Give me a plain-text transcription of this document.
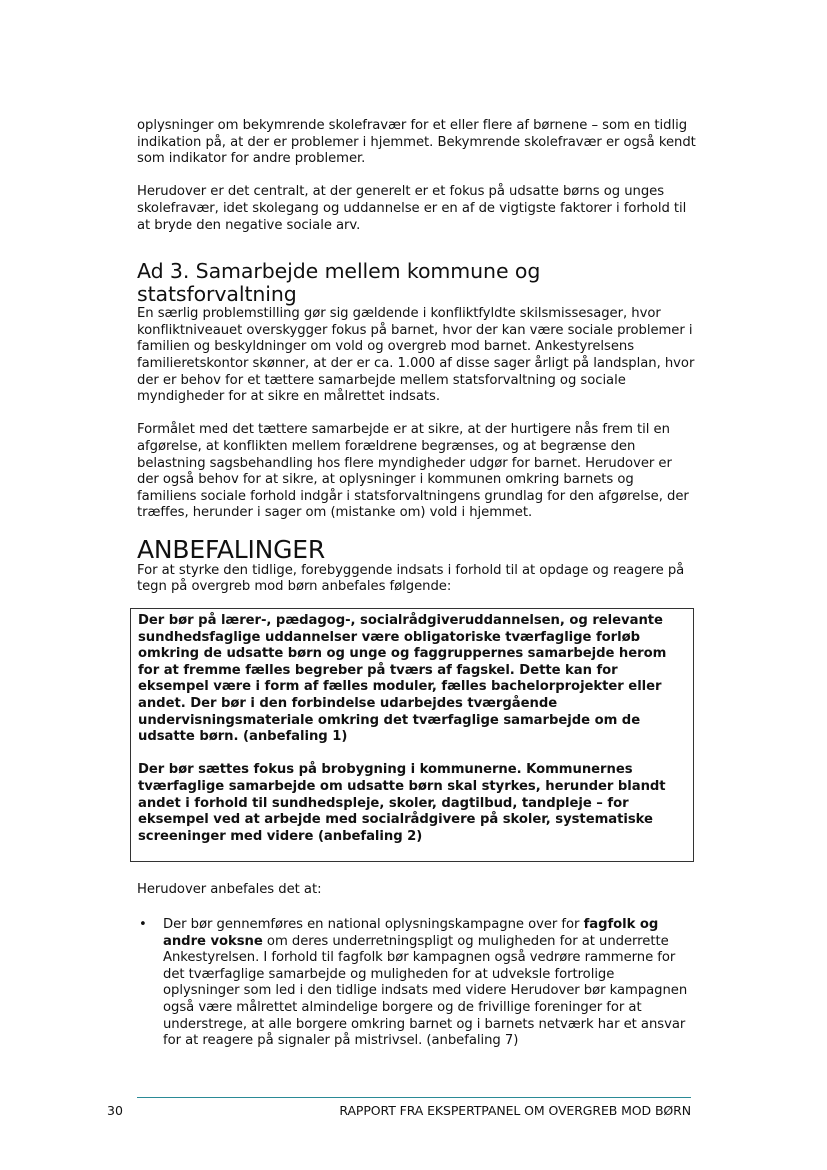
oplysninger om bekymrende skolefravær for et eller flere af børnene – som en tidlig indikation på, at der er problemer i hjemmet. Bekymrende skolefravær er også kendt som indikator for andre problemer.

Herudover er det centralt, at der generelt er et fokus på udsatte børns og unges skolefravær, idet skolegang og uddannelse er en af de vigtigste faktorer i forhold til at bryde den negative sociale arv.

Ad 3. Samarbejde mellem kommune og statsforvaltning

En særlig problemstilling gør sig gældende i konfliktfyldte skilsmissesager, hvor konfliktniveauet overskygger fokus på barnet, hvor der kan være sociale problemer i familien og beskyldninger om vold og overgreb mod barnet. Ankestyrelsens familieretskontor skønner, at der er ca. 1.000 af disse sager årligt på landsplan, hvor der er behov for et tættere samarbejde mellem statsforvaltning og sociale myndigheder for at sikre en målrettet indsats.

Formålet med det tættere samarbejde er at sikre, at der hurtigere nås frem til en afgørelse, at konflikten mellem forældrene begrænses, og at begrænse den belastning sagsbehandling hos flere myndigheder udgør for barnet. Herudover er der også behov for at sikre, at oplysninger i kommunen omkring barnets og familiens sociale forhold indgår i statsforvaltningens grundlag for den afgørelse, der træffes, herunder i sager om (mistanke om) vold i hjemmet.

ANBEFALINGER

For at styrke den tidlige, forebyggende indsats i forhold til at opdage og reagere på tegn på overgreb mod børn anbefales følgende:

Der bør på lærer-, pædagog-, socialrådgiveruddannelsen, og relevante sundhedsfaglige uddannelser være obligatoriske tværfaglige forløb omkring de udsatte børn og unge og faggruppernes samarbejde herom for at fremme fælles begreber på tværs af fagskel. Dette kan for eksempel være i form af fælles moduler, fælles bachelorprojekter eller andet. Der bør i den forbindelse udarbejdes tværgående undervisningsmateriale omkring det tværfaglige samarbejde om de udsatte børn. (anbefaling 1)

Der bør sættes fokus på brobygning i kommunerne. Kommunernes tværfaglige samarbejde om udsatte børn skal styrkes, herunder blandt andet i forhold til sundhedspleje, skoler, dagtilbud, tandpleje – for eksempel ved at arbejde med socialrådgivere på skoler, systematiske screeninger med videre (anbefaling 2)

Herudover anbefales det at:

• Der bør gennemføres en national oplysningskampagne over for fagfolk og andre voksne om deres underretningspligt og muligheden for at underrette Ankestyrelsen. I forhold til fagfolk bør kampagnen også vedrøre rammerne for det tværfaglige samarbejde og muligheden for at udveksle fortrolige oplysninger som led i den tidlige indsats med videre Herudover bør kampagnen også være målrettet almindelige borgere og de frivillige foreninger for at understrege, at alle borgere omkring barnet og i barnets netværk har et ansvar for at reagere på signaler på mistrivsel. (anbefaling 7)
30	RAPPORT FRA EKSPERTPANEL OM OVERGREB MOD BØRN
